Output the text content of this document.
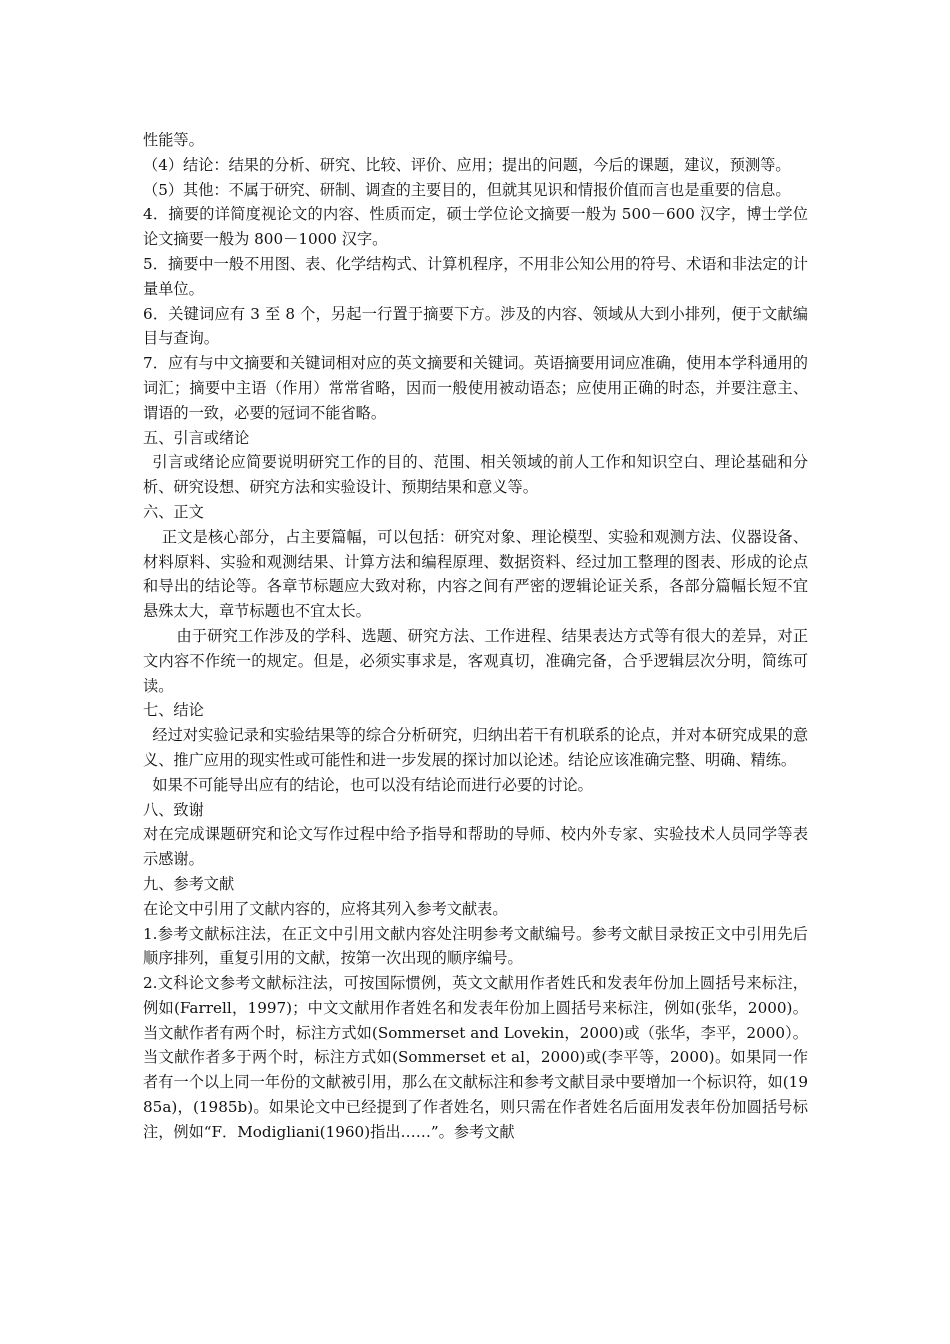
性能等。

（4）结论：结果的分析、研究、比较、评价、应用；提出的问题，今后的课题，建议，预测等。

（5）其他：不属于研究、研制、调查的主要目的，但就其见识和情报价值而言也是重要的信息。

4．摘要的详简度视论文的内容、性质而定，硕士学位论文摘要一般为 500－600 汉字，博士学位论文摘要一般为 800－1000 汉字。

5．摘要中一般不用图、表、化学结构式、计算机程序，不用非公知公用的符号、术语和非法定的计量单位。

6．关键词应有 3 至 8 个，另起一行置于摘要下方。涉及的内容、领域从大到小排列，便于文献编目与查询。

7．应有与中文摘要和关键词相对应的英文摘要和关键词。英语摘要用词应准确，使用本学科通用的词汇；摘要中主语（作用）常常省略，因而一般使用被动语态；应使用正确的时态，并要注意主、谓语的一致，必要的冠词不能省略。

五、引言或绪论

引言或绪论应简要说明研究工作的目的、范围、相关领域的前人工作和知识空白、理论基础和分析、研究设想、研究方法和实验设计、预期结果和意义等。

六、正文

正文是核心部分，占主要篇幅，可以包括：研究对象、理论模型、实验和观测方法、仪器设备、材料原料、实验和观测结果、计算方法和编程原理、数据资料、经过加工整理的图表、形成的论点和导出的结论等。各章节标题应大致对称，内容之间有严密的逻辑论证关系，各部分篇幅长短不宜悬殊太大，章节标题也不宜太长。

由于研究工作涉及的学科、选题、研究方法、工作进程、结果表达方式等有很大的差异，对正文内容不作统一的规定。但是，必须实事求是，客观真切，准确完备，合乎逻辑层次分明，简练可读。

七、结论

经过对实验记录和实验结果等的综合分析研究，归纳出若干有机联系的论点，并对本研究成果的意义、推广应用的现实性或可能性和进一步发展的探讨加以论述。结论应该准确完整、明确、精练。

如果不可能导出应有的结论，也可以没有结论而进行必要的讨论。

八、致谢

对在完成课题研究和论文写作过程中给予指导和帮助的导师、校内外专家、实验技术人员同学等表示感谢。

九、参考文献

在论文中引用了文献内容的，应将其列入参考文献表。

1.参考文献标注法，在正文中引用文献内容处注明参考文献编号。参考文献目录按正文中引用先后顺序排列，重复引用的文献，按第一次出现的顺序编号。

2.文科论文参考文献标注法，可按国际惯例，英文文献用作者姓氏和发表年份加上圆括号来标注，例如(Farrell，1997)；中文文献用作者姓名和发表年份加上圆括号来标注，例如(张华，2000)。当文献作者有两个时，标注方式如(Sommerset and Lovekin，2000)或（张华，李平，2000）。当文献作者多于两个时，标注方式如(Sommerset et al，2000)或(李平等，2000)。如果同一作者有一个以上同一年份的文献被引用，那么在文献标注和参考文献目录中要增加一个标识符，如(1985a)，(1985b)。如果论文中已经提到了作者姓名，则只需在作者姓名后面用发表年份加圆括号标注，例如“F．Modigliani(1960)指出……”。参考文献
